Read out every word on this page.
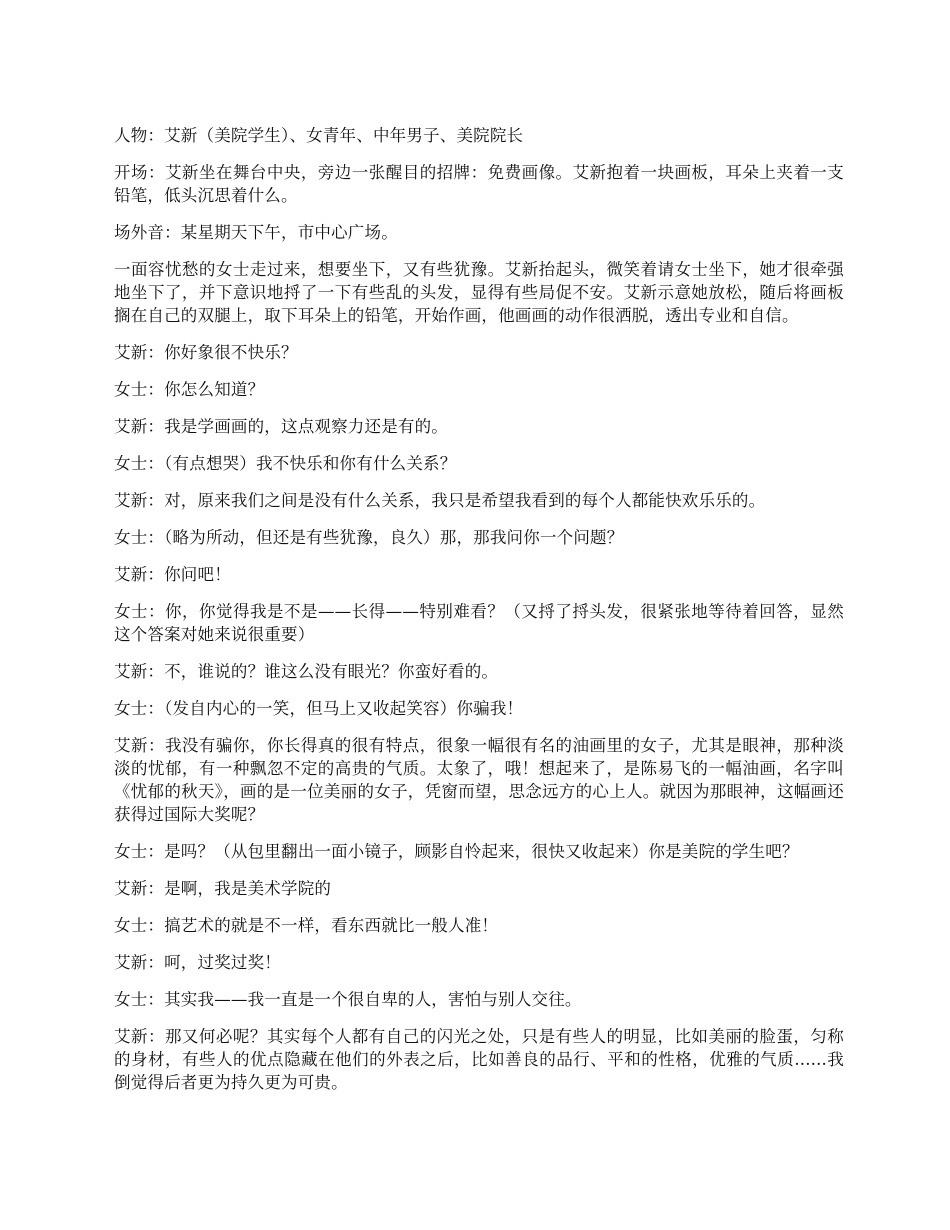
人物：艾新（美院学生）、女青年、中年男子、美院院长

开场：艾新坐在舞台中央，旁边一张醒目的招牌：免费画像。艾新抱着一块画板，耳朵上夹着一支铅笔，低头沉思着什么。

场外音：某星期天下午，市中心广场。

一面容忧愁的女士走过来，想要坐下，又有些犹豫。艾新抬起头，微笑着请女士坐下，她才很牵强地坐下了，并下意识地捋了一下有些乱的头发，显得有些局促不安。艾新示意她放松，随后将画板搁在自己的双腿上，取下耳朵上的铅笔，开始作画，他画画的动作很洒脱，透出专业和自信。

艾新：你好象很不快乐？

女士：你怎么知道？

艾新：我是学画画的，这点观察力还是有的。

女士：（有点想哭）我不快乐和你有什么关系？

艾新：对，原来我们之间是没有什么关系，我只是希望我看到的每个人都能快欢乐乐的。

女士：（略为所动，但还是有些犹豫，良久）那，那我问你一个问题？

艾新：你问吧！

女士：你，你觉得我是不是——长得——特别难看？（又捋了捋头发，很紧张地等待着回答，显然这个答案对她来说很重要）

艾新：不，谁说的？谁这么没有眼光？你蛮好看的。

女士：（发自内心的一笑，但马上又收起笑容）你骗我！

艾新：我没有骗你，你长得真的很有特点，很象一幅很有名的油画里的女子，尤其是眼神，那种淡淡的忧郁，有一种飘忽不定的高贵的气质。太象了，哦！想起来了，是陈易飞的一幅油画，名字叫《忧郁的秋天》，画的是一位美丽的女子，凭窗而望，思念远方的心上人。就因为那眼神，这幅画还获得过国际大奖呢？

女士：是吗？（从包里翻出一面小镜子，顾影自怜起来，很快又收起来）你是美院的学生吧？

艾新：是啊，我是美术学院的

女士：搞艺术的就是不一样，看东西就比一般人准！

艾新：呵，过奖过奖！

女士：其实我——我一直是一个很自卑的人，害怕与别人交往。

艾新：那又何必呢？其实每个人都有自己的闪光之处，只是有些人的明显，比如美丽的脸蛋，匀称的身材，有些人的优点隐藏在他们的外表之后，比如善良的品行、平和的性格，优雅的气质......我倒觉得后者更为持久更为可贵。
